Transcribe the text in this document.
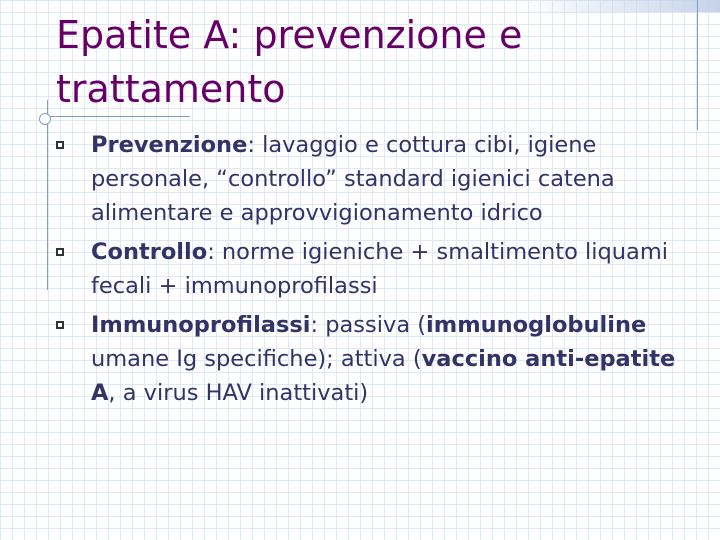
Epatite A: prevenzione e trattamento
Prevenzione: lavaggio e cottura cibi, igiene personale, “controllo” standard igienici catena alimentare e approvvigionamento idrico
Controllo: norme igieniche + smaltimento liquami fecali + immunoprofilassi
Immunoprofilassi: passiva (immunoglobuline umane Ig specifiche); attiva (vaccino anti-epatite A, a virus HAV inattivati)
